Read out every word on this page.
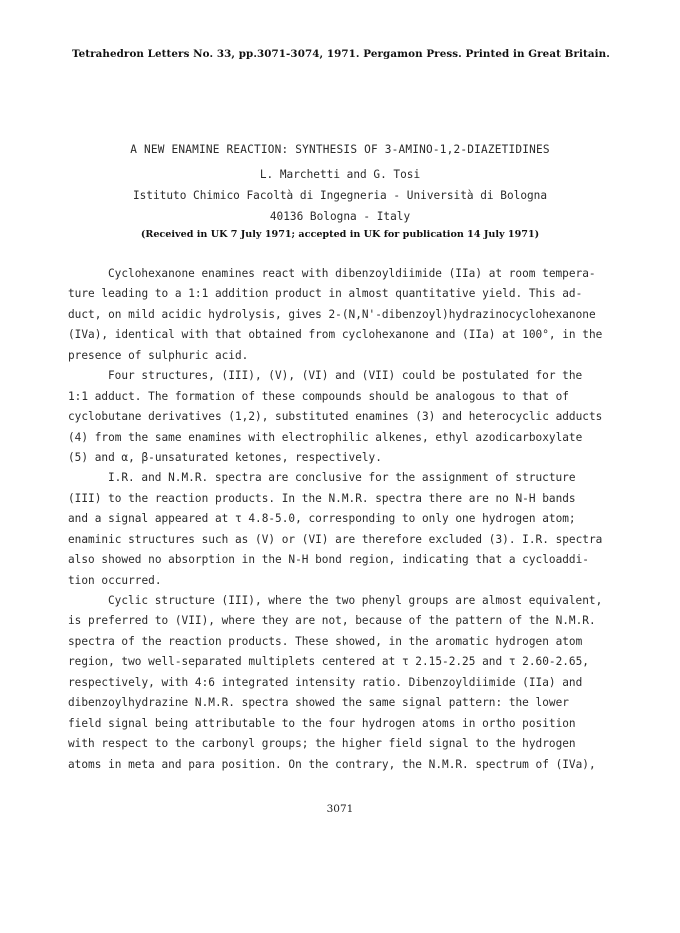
Tetrahedron Letters No. 33, pp.3071-3074, 1971. Pergamon Press. Printed in Great Britain.
A NEW ENAMINE REACTION: SYNTHESIS OF 3-AMINO-1,2-DIAZETIDINES
L. Marchetti and G. Tosi
Istituto Chimico Facoltà di Ingegneria - Università di Bologna
40136 Bologna - Italy
(Received in UK 7 July 1971; accepted in UK for publication 14 July 1971)
Cyclohexanone enamines react with dibenzoyldiimide (IIa) at room tempera-
ture leading to a 1:1 addition product in almost quantitative yield. This ad-
duct, on mild acidic hydrolysis, gives 2-(N,N'-dibenzoyl)hydrazinocyclohexanone
(IVa), identical with that obtained from cyclohexanone and (IIa) at 100°, in the
presence of sulphuric acid.
Four structures, (III), (V), (VI) and (VII) could be postulated for the
1:1 adduct. The formation of these compounds should be analogous to that of
cyclobutane derivatives (1,2), substituted enamines (3) and heterocyclic adducts
(4) from the same enamines with electrophilic alkenes, ethyl azodicarboxylate
(5) and α, β-unsaturated ketones, respectively.
I.R. and N.M.R. spectra are conclusive for the assignment of structure
(III) to the reaction products. In the N.M.R. spectra there are no N-H bands
and a signal appeared at τ 4.8-5.0, corresponding to only one hydrogen atom;
enaminic structures such as (V) or (VI) are therefore excluded (3). I.R. spectra
also showed no absorption in the N-H bond region, indicating that a cycloaddi-
tion occurred.
Cyclic structure (III), where the two phenyl groups are almost equivalent,
is preferred to (VII), where they are not, because of the pattern of the N.M.R.
spectra of the reaction products. These showed, in the aromatic hydrogen atom
region, two well-separated multiplets centered at τ 2.15-2.25 and τ 2.60-2.65,
respectively, with 4:6 integrated intensity ratio. Dibenzoyldiimide (IIa) and
dibenzoylhydrazine N.M.R. spectra showed the same signal pattern: the lower
field signal being attributable to the four hydrogen atoms in ortho position
with respect to the carbonyl groups; the higher field signal to the hydrogen
atoms in meta and para position. On the contrary, the N.M.R. spectrum of (IVa),
3071
